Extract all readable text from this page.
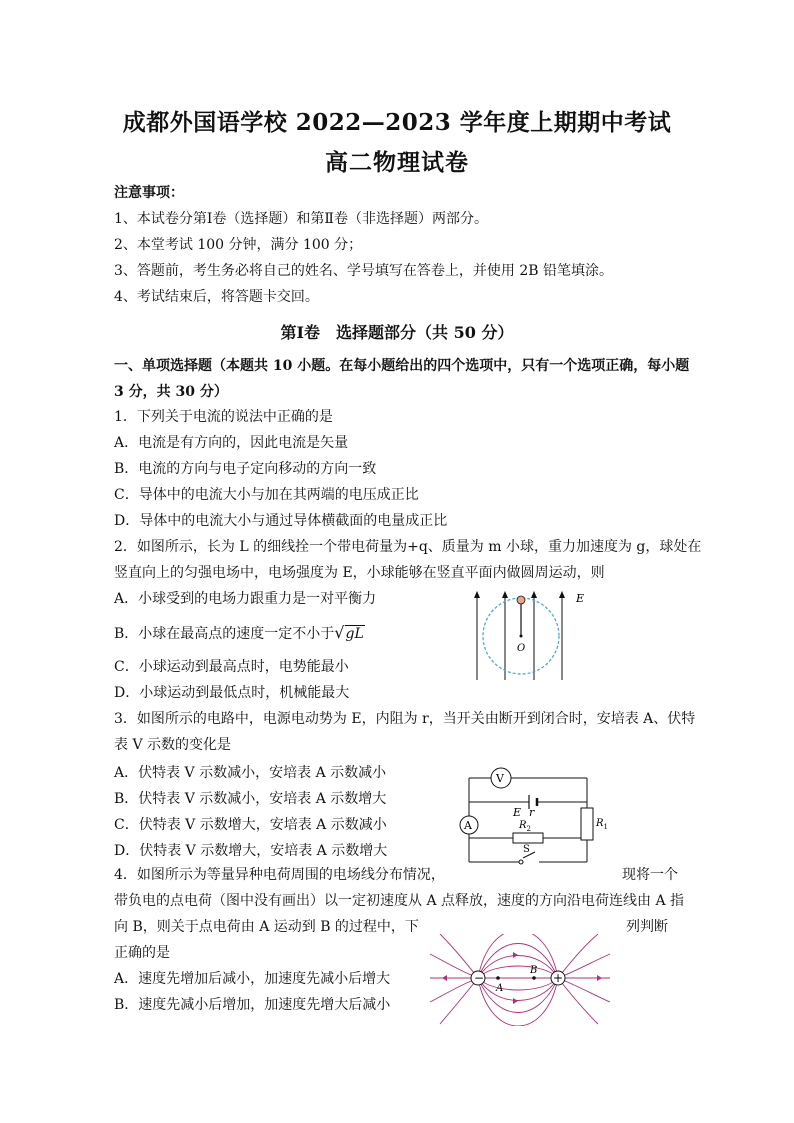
成都外国语学校 2022—2023 学年度上期期中考试
高二物理试卷
注意事项：
1、本试卷分第Ⅰ卷（选择题）和第Ⅱ卷（非选择题）两部分。
2、本堂考试 100 分钟，满分 100 分；
3、答题前，考生务必将自己的姓名、学号填写在答卷上，并使用 2B 铅笔填涂。
4、考试结束后，将答题卡交回。
第Ⅰ卷　选择题部分（共 50 分）
一、单项选择题（本题共 10 小题。在每小题给出的四个选项中，只有一个选项正确，每小题
3 分，共 30 分）
1．下列关于电流的说法中正确的是
A．电流是有方向的，因此电流是矢量
B．电流的方向与电子定向移动的方向一致
C．导体中的电流大小与加在其两端的电压成正比
D．导体中的电流大小与通过导体横截面的电量成正比
2．如图所示，长为 L 的细线拴一个带电荷量为+q、质量为 m 小球，重力加速度为 g，球处在
竖直向上的匀强电场中，电场强度为 E，小球能够在竖直平面内做圆周运动，则
A．小球受到的电场力跟重力是一对平衡力
B．小球在最高点的速度一定不小于√gL
C．小球运动到最高点时，电势能最小
D．小球运动到最低点时，机械能最大
O
E
3．如图所示的电路中，电源电动势为 E，内阻为 r，当开关由断开到闭合时，安培表 A、伏特
表 V 示数的变化是
A．伏特表 V 示数减小，安培表 A 示数减小
B．伏特表 V 示数减小，安培表 A 示数增大
C．伏特表 V 示数增大，安培表 A 示数减小
D．伏特表 V 示数增大，安培表 A 示数增大
V
A
E r
$R_1$
$R_2$
S
4．如图所示为等量异种电荷周围的电场线分布情况，	现将一个
带负电的点电荷（图中没有画出）以一定初速度从 A 点释放，速度的方向沿电荷连线由 A 指
向 B，则关于点电荷由 A 运动到 B 的过程中，下	列判断
正确的是
A．速度先增加后减小，加速度先减小后增大
B．速度先减小后增加，加速度先增大后减小
−	+
A
B
